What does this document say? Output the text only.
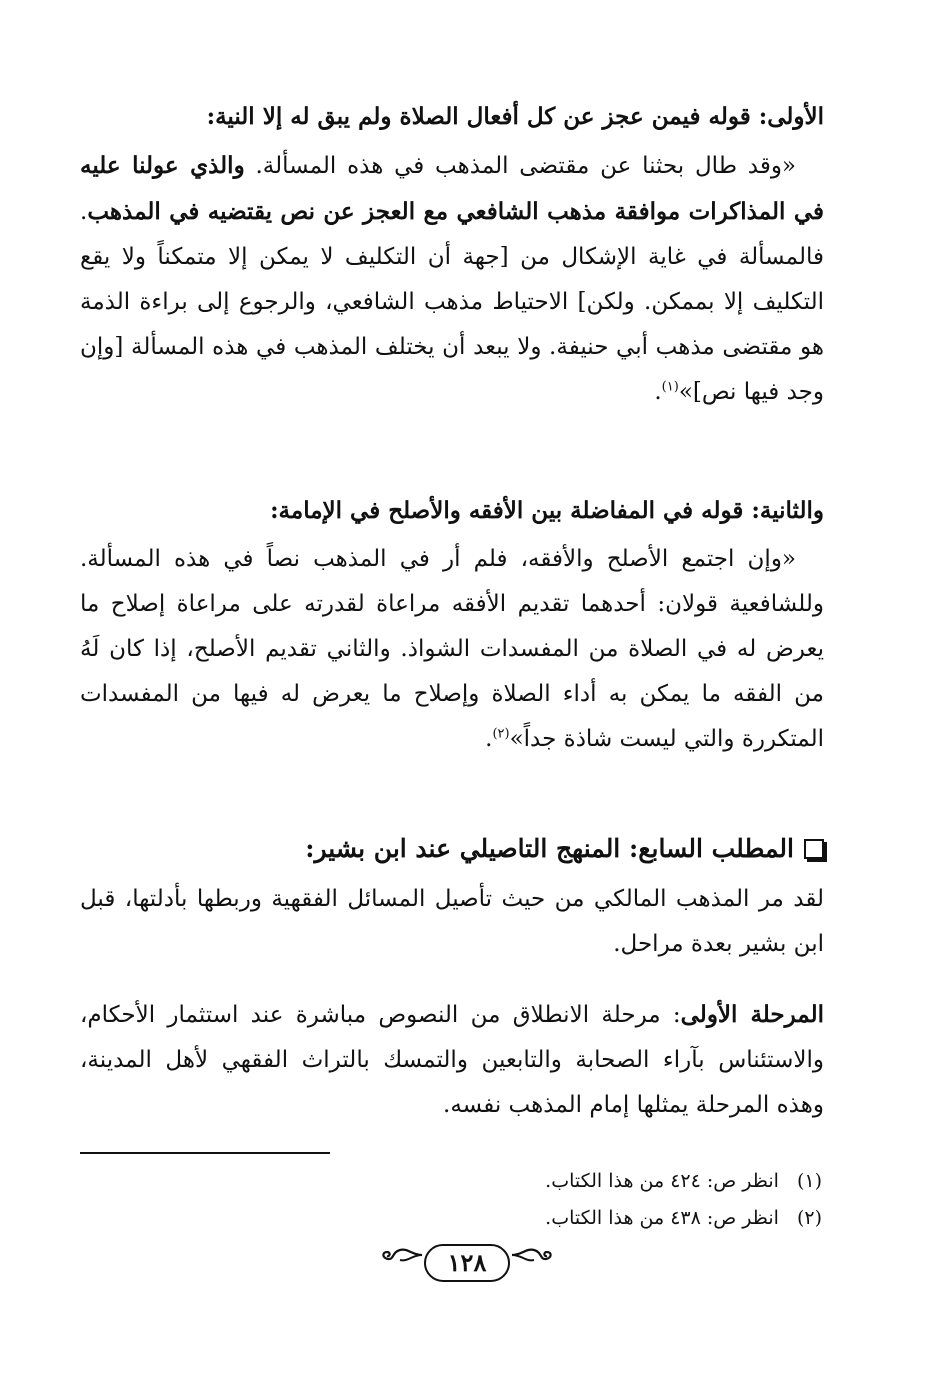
الأولى: قوله فيمن عجز عن كل أفعال الصلاة ولم يبق له إلا النية:

«وقد طال بحثنا عن مقتضى المذهب في هذه المسألة. والذي عولنا عليه في المذاكرات موافقة مذهب الشافعي مع العجز عن نص يقتضيه في المذهب. فالمسألة في غاية الإشكال من [جهة أن التكليف لا يمكن إلا متمكناً ولا يقع التكليف إلا بممكن. ولكن] الاحتياط مذهب الشافعي، والرجوع إلى براءة الذمة هو مقتضى مذهب أبي حنيفة. ولا يبعد أن يختلف المذهب في هذه المسألة [وإن وجد فيها نص]»$^{(١)}$.

والثانية: قوله في المفاضلة بين الأفقه والأصلح في الإمامة:

«وإن اجتمع الأصلح والأفقه، فلم أر في المذهب نصاً في هذه المسألة. وللشافعية قولان: أحدهما تقديم الأفقه مراعاة لقدرته على مراعاة إصلاح ما يعرض له في الصلاة من المفسدات الشواذ. والثاني تقديم الأصلح، إذا كان لَهُ من الفقه ما يمكن به أداء الصلاة وإصلاح ما يعرض له فيها من المفسدات المتكررة والتي ليست شاذة جداً»$^{(٢)}$.

المطلب السابع: المنهج التاصيلي عند ابن بشير:

لقد مر المذهب المالكي من حيث تأصيل المسائل الفقهية وربطها بأدلتها، قبل ابن بشير بعدة مراحل.

المرحلة الأولى: مرحلة الانطلاق من النصوص مباشرة عند استثمار الأحكام، والاستئناس بآراء الصحابة والتابعين والتمسك بالتراث الفقهي لأهل المدينة، وهذه المرحلة يمثلها إمام المذهب نفسه.

(١)
انظر ص: ٤٢٤ من هذا الكتاب.
(٢)
انظر ص: ٤٣٨ من هذا الكتاب.
١٢٨
